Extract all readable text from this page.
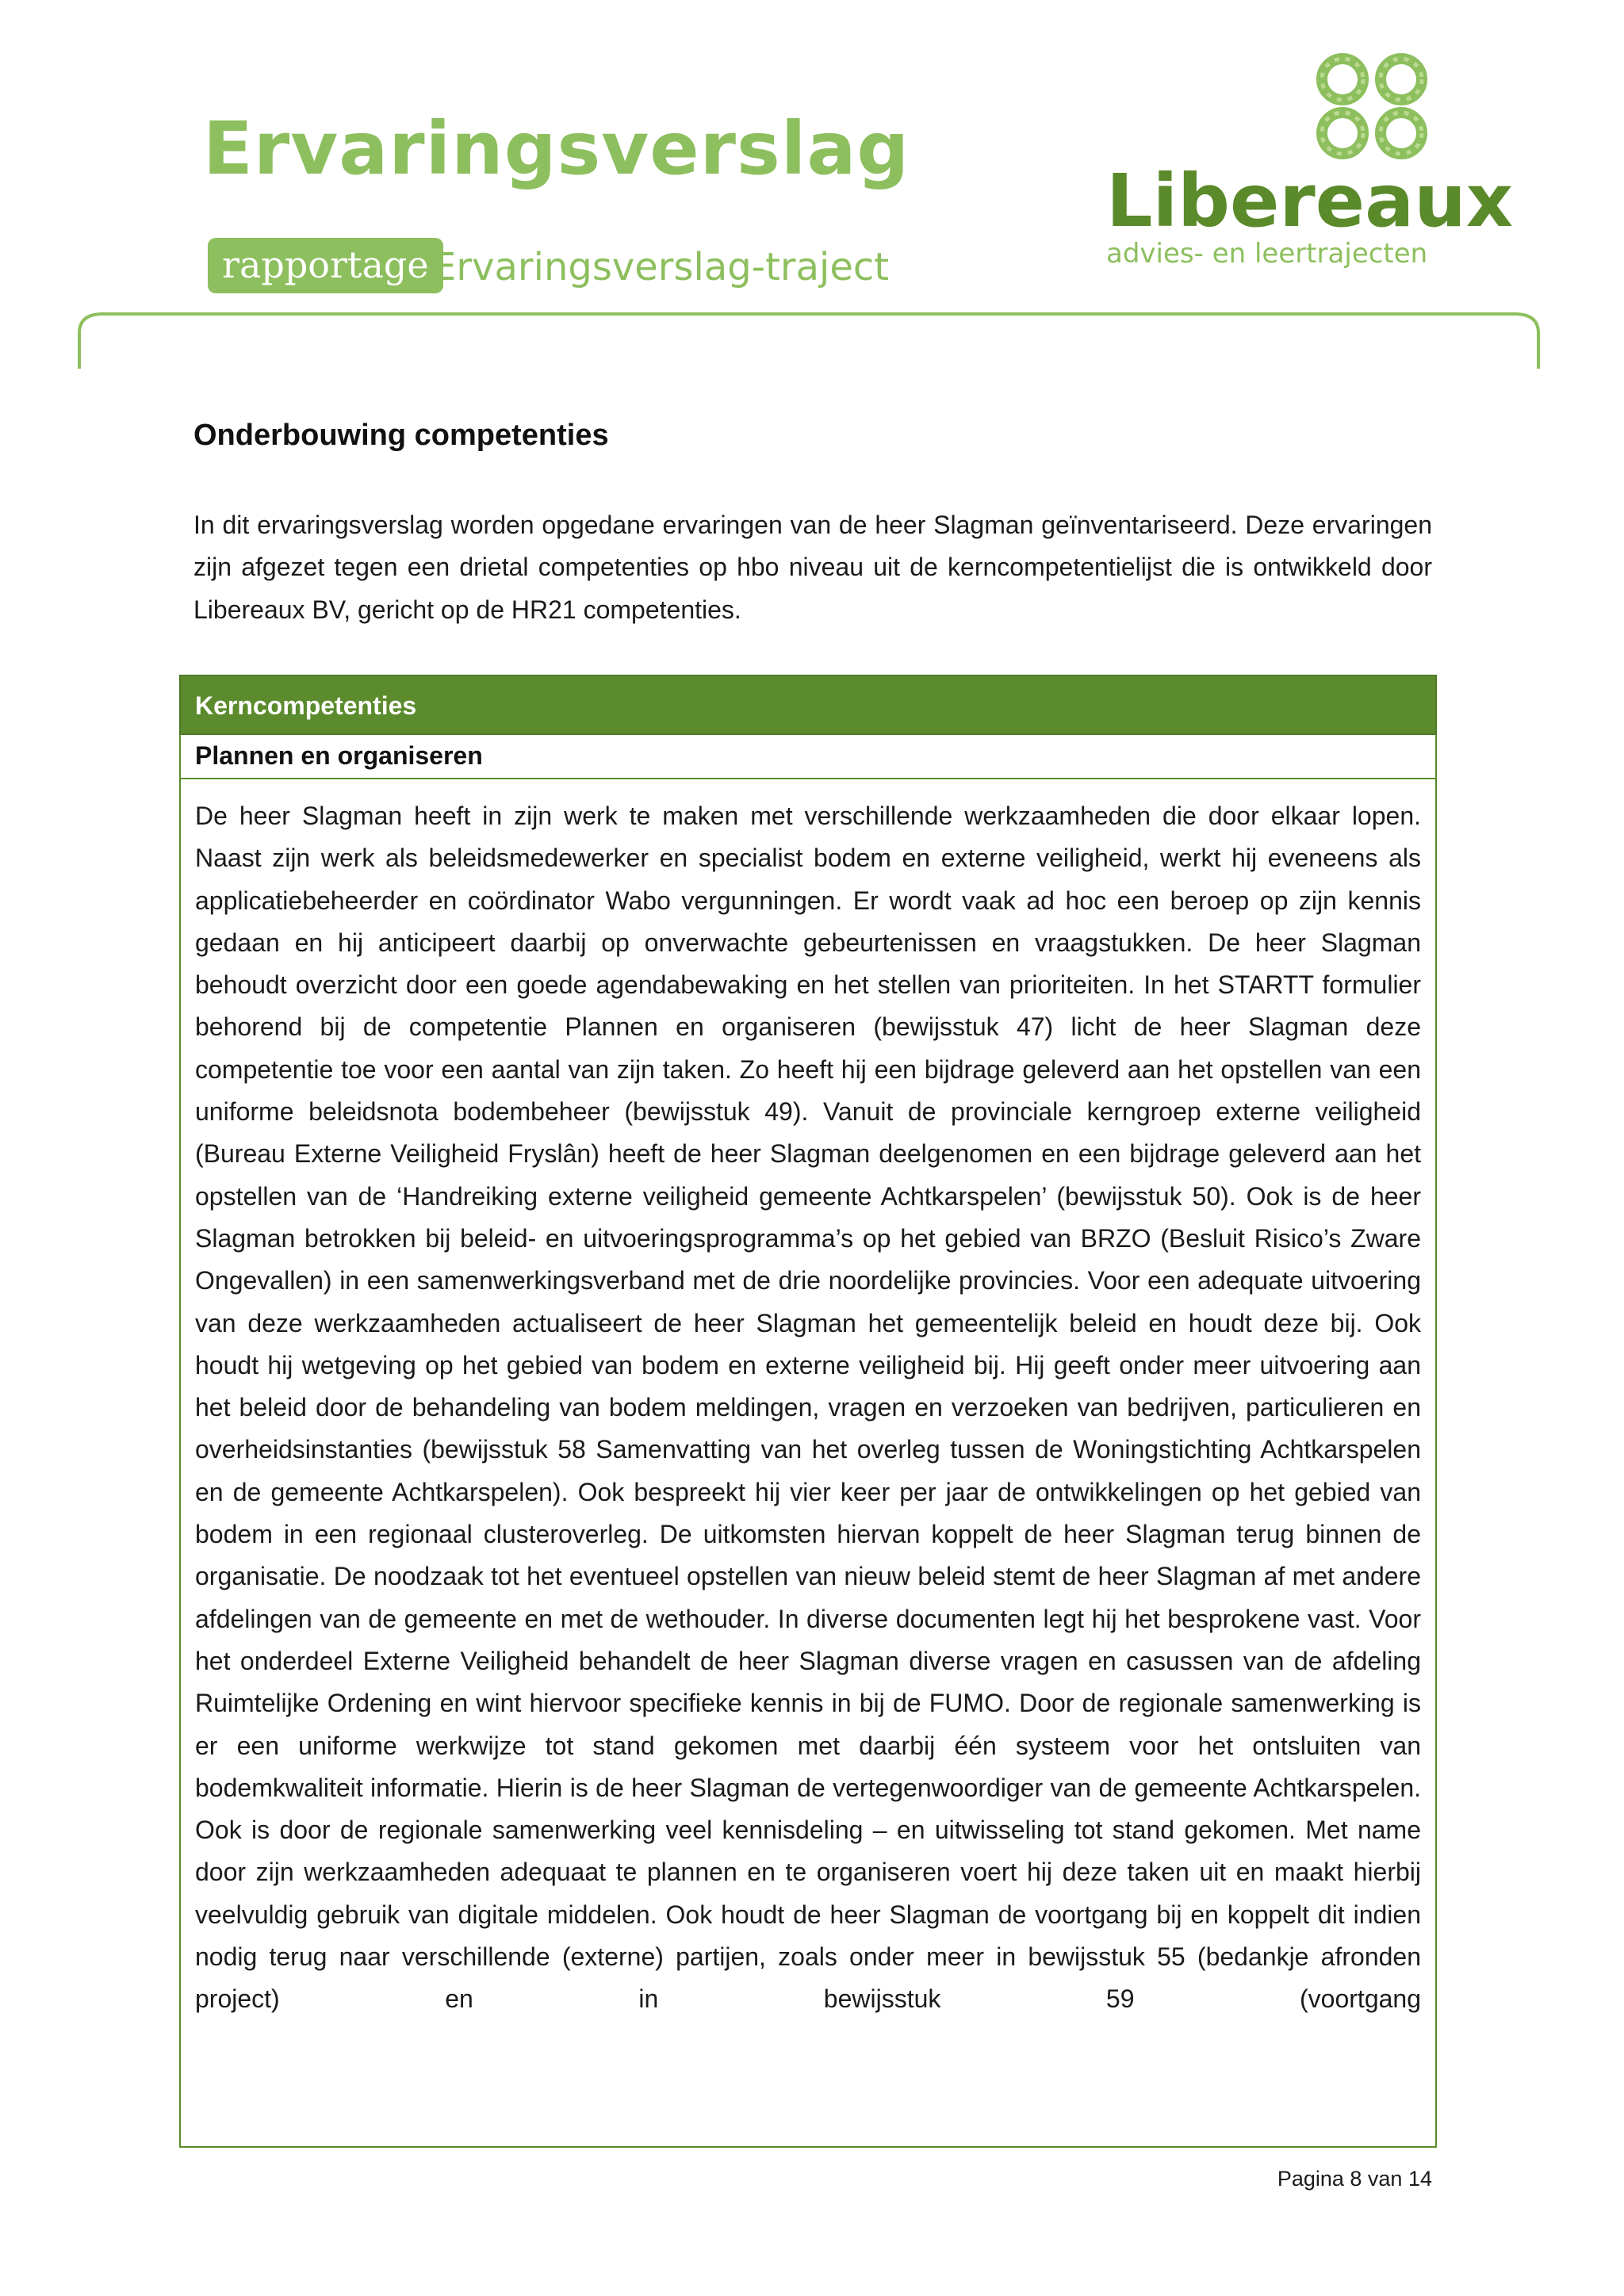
Ervaringsverslag
rapportage Ervaringsverslag-traject
Libereaux
advies- en leertrajecten
Onderbouwing competenties
In dit ervaringsverslag worden opgedane ervaringen van de heer Slagman geïnventariseerd. Deze ervaringen zijn afgezet tegen een drietal competenties op hbo niveau uit de kerncompetentielijst die is ontwikkeld door Libereaux BV, gericht op de HR21 competenties.
Kerncompetenties
Plannen en organiseren

De heer Slagman heeft in zijn werk te maken met verschillende werkzaamheden die door elkaar lopen. Naast zijn werk als beleidsmedewerker en specialist bodem en externe veiligheid, werkt hij eveneens als applicatiebeheerder en coördinator Wabo vergunningen. Er wordt vaak ad hoc een beroep op zijn kennis gedaan en hij anticipeert daarbij op onverwachte gebeurtenissen en vraagstukken. De heer Slagman behoudt overzicht door een goede agendabewaking en het stellen van prioriteiten. In het STARTT formulier behorend bij de competentie Plannen en organiseren (bewijsstuk 47) licht de heer Slagman deze competentie toe voor een aantal van zijn taken. Zo heeft hij een bijdrage geleverd aan het opstellen van een uniforme beleidsnota bodembeheer (bewijsstuk 49). Vanuit de provinciale kerngroep externe veiligheid (Bureau Externe Veiligheid Fryslân) heeft de heer Slagman deelgenomen en een bijdrage geleverd aan het opstellen van de ‘Handreiking externe veiligheid gemeente Achtkarspelen’ (bewijsstuk 50). Ook is de heer Slagman betrokken bij beleid- en uitvoeringsprogramma’s op het gebied van BRZO (Besluit Risico’s Zware Ongevallen) in een samenwerkingsverband met de drie noordelijke provincies. Voor een adequate uitvoering van deze werkzaamheden actualiseert de heer Slagman het gemeentelijk beleid en houdt deze bij. Ook houdt hij wetgeving op het gebied van bodem en externe veiligheid bij. Hij geeft onder meer uitvoering aan het beleid door de behandeling van bodem meldingen, vragen en verzoeken van bedrijven, particulieren en overheidsinstanties (bewijsstuk 58 Samenvatting van het overleg tussen de Woningstichting Achtkarspelen en de gemeente Achtkarspelen). Ook bespreekt hij vier keer per jaar de ontwikkelingen op het gebied van bodem in een regionaal clusteroverleg. De uitkomsten hiervan koppelt de heer Slagman terug binnen de organisatie. De noodzaak tot het eventueel opstellen van nieuw beleid stemt de heer Slagman af met andere afdelingen van de gemeente en met de wethouder. In diverse documenten legt hij het besprokene vast. Voor het onderdeel Externe Veiligheid behandelt de heer Slagman diverse vragen en casussen van de afdeling Ruimtelijke Ordening en wint hiervoor specifieke kennis in bij de FUMO. Door de regionale samenwerking is er een uniforme werkwijze tot stand gekomen met daarbij één systeem voor het ontsluiten van bodemkwaliteit informatie. Hierin is de heer Slagman de vertegenwoordiger van de gemeente Achtkarspelen. Ook is door de regionale samenwerking veel kennisdeling – en uitwisseling tot stand gekomen. Met name door zijn werkzaamheden adequaat te plannen en te organiseren voert hij deze taken uit en maakt hierbij veelvuldig gebruik van digitale middelen. Ook houdt de heer Slagman de voortgang bij en koppelt dit indien nodig terug naar verschillende (externe) partijen, zoals onder meer in bewijsstuk 55 (bedankje afronden project) en in bewijsstuk 59 (voortgang

Pagina 8 van 14
